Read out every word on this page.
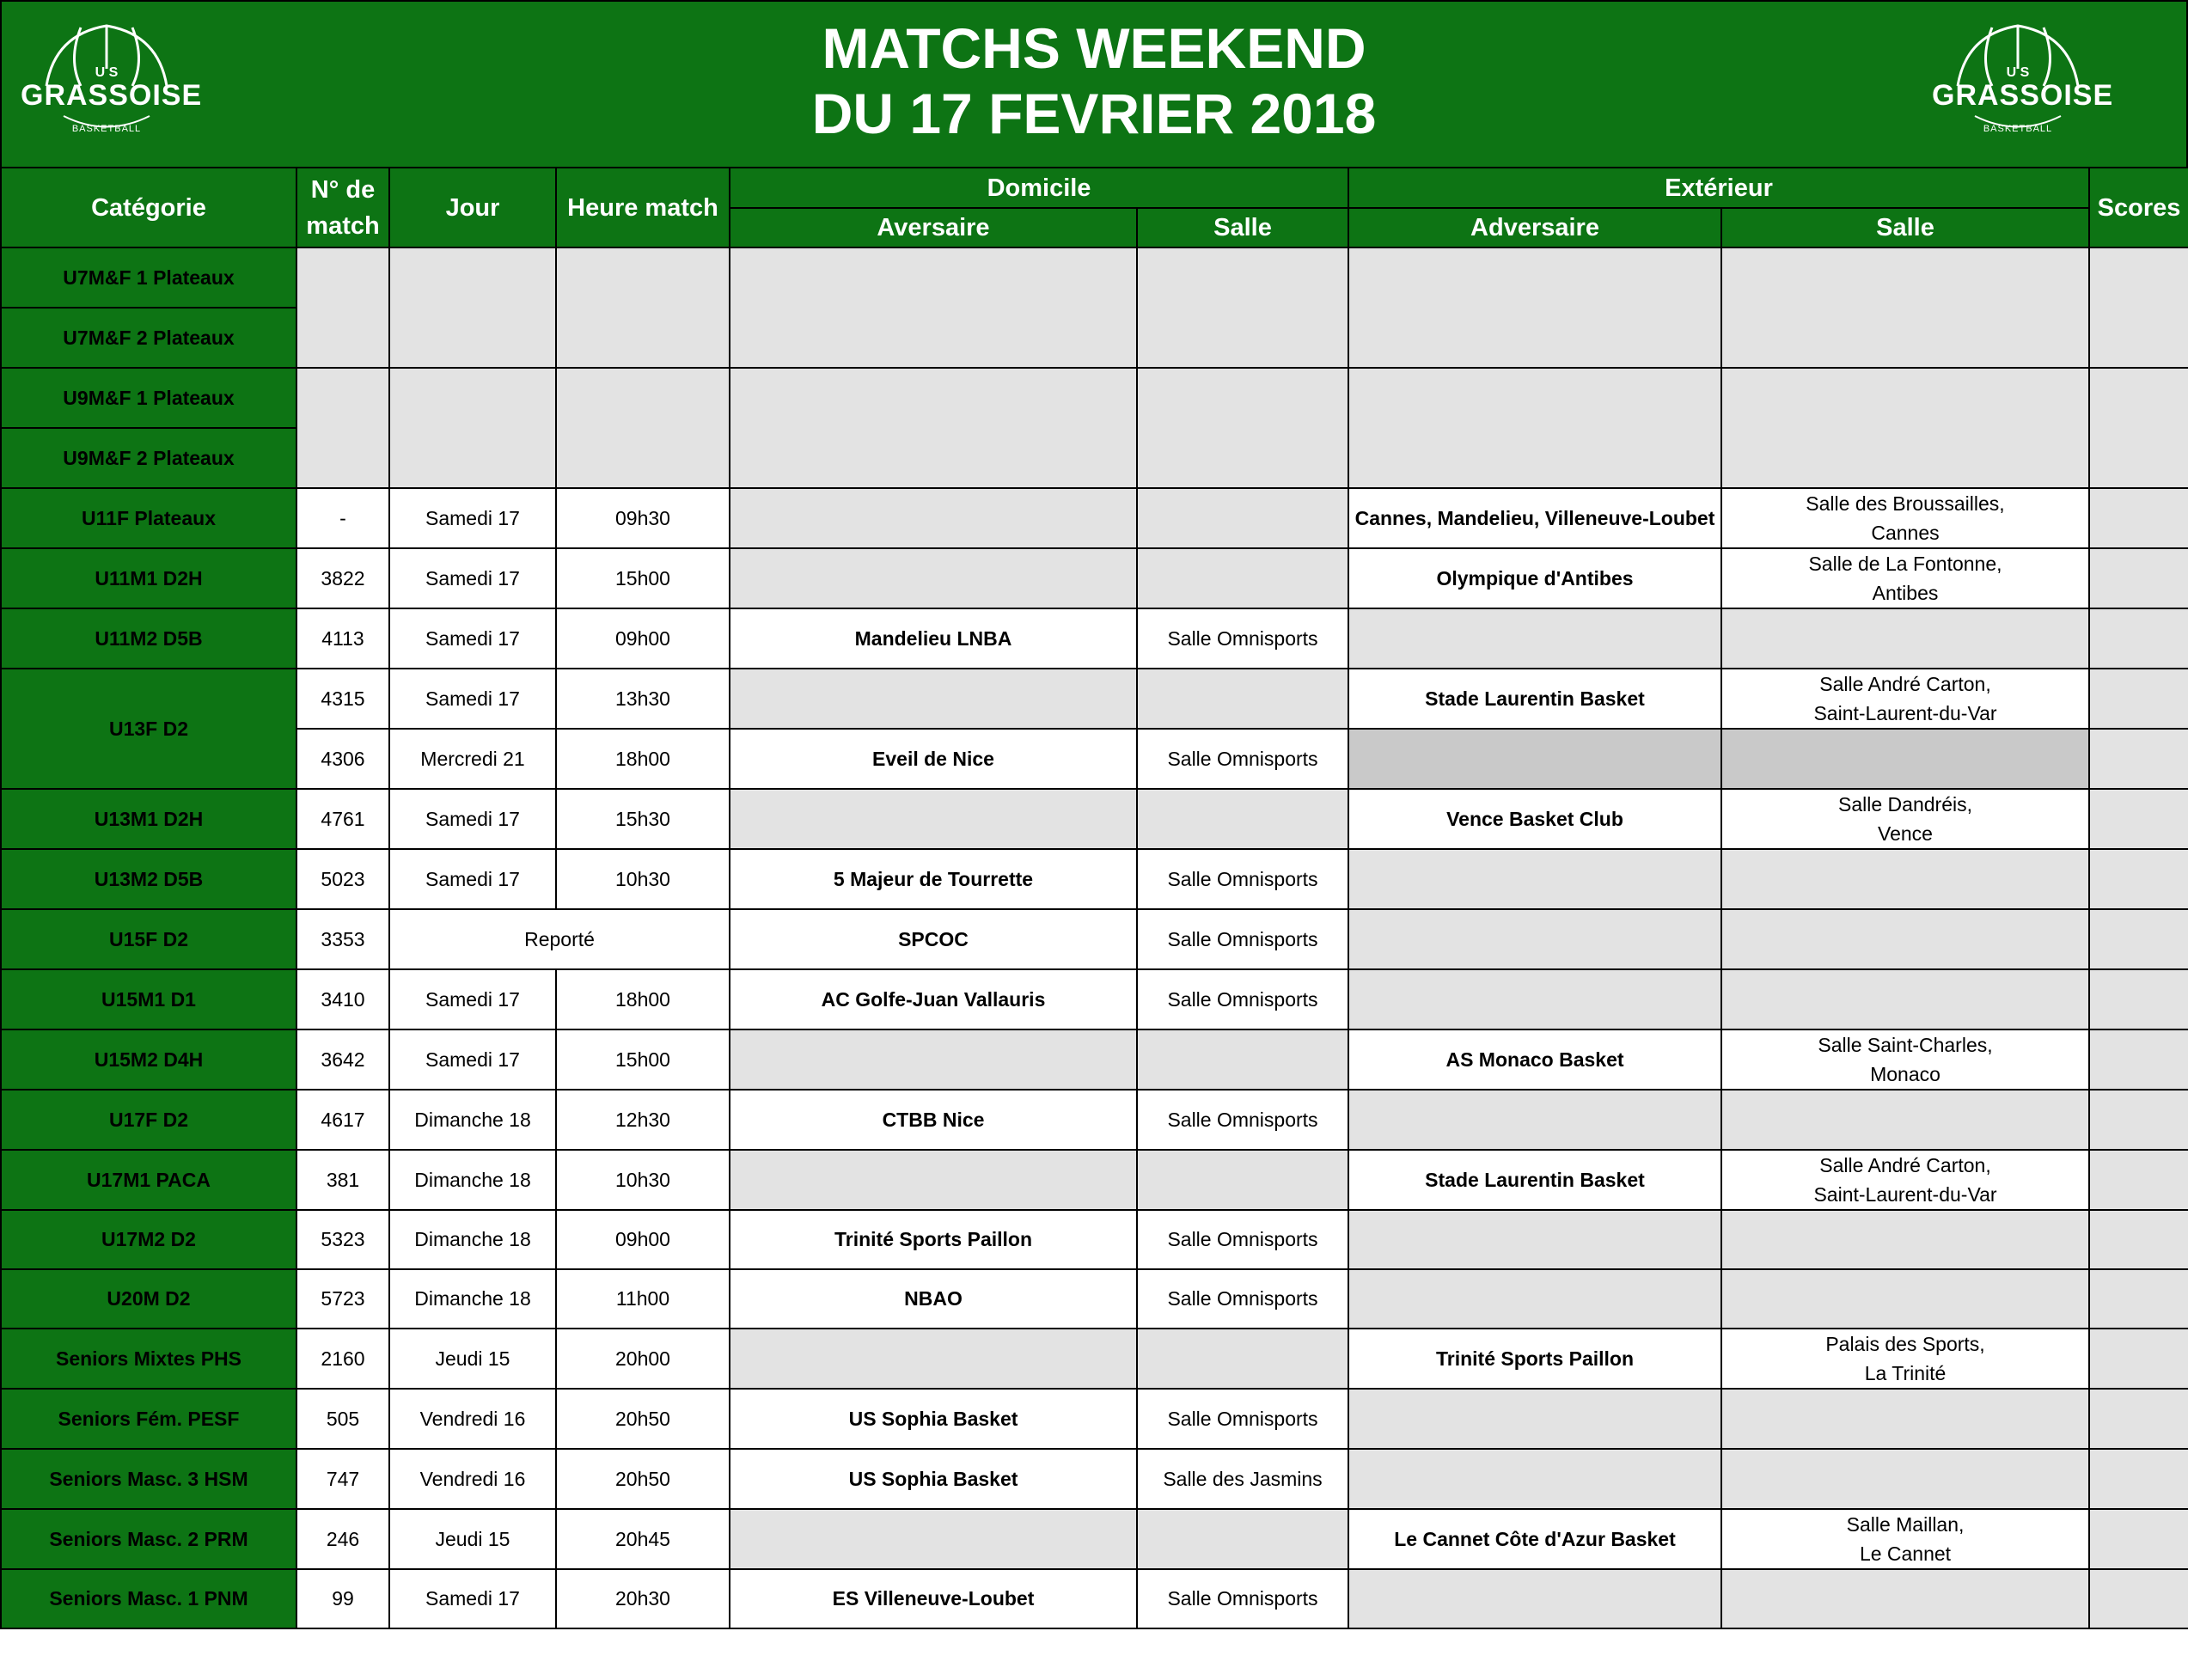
U S
GRASSOISE
BASKETBALL
MATCHS WEEKEND
DU 17 FEVRIER 2018
U S
GRASSOISE
BASKETBALL
Catégorie	N° de match	Jour	Heure match	Domicile		Extérieur		Scores
				Aversaire	Salle	Adversaire	Salle	
U7M&F 1 Plateaux								
U7M&F 2 Plateaux								
U9M&F 1 Plateaux								
U9M&F 2 Plateaux								
U11F Plateaux	-	Samedi 17	09h30			Cannes, Mandelieu, Villeneuve-Loubet	Salle des Broussailles,
Cannes	

U11M1 D2H	3822	Samedi 17	15h00			Olympique d'Antibes	Salle de La Fontonne,
Antibes	

U11M2 D5B	4113	Samedi 17	09h00	Mandelieu LNBA	Salle Omnisports			
U13F D2	4315	Samedi 17	13h30			Stade Laurentin Basket	Salle André Carton,
Saint-Laurent-du-Var	

	4306	Mercredi 21	18h00	Eveil de Nice	Salle Omnisports			
U13M1 D2H	4761	Samedi 17	15h30			Vence Basket Club	Salle Dandréis,
Vence	

U13M2 D5B	5023	Samedi 17	10h30	5 Majeur de Tourrette	Salle Omnisports			
U15F D2	3353	Reporté		SPCOC	Salle Omnisports			
U15M1 D1	3410	Samedi 17	18h00	AC Golfe-Juan Vallauris	Salle Omnisports			
U15M2 D4H	3642	Samedi 17	15h00			AS Monaco Basket	Salle Saint-Charles,
Monaco	

U17F D2	4617	Dimanche 18	12h30	CTBB Nice	Salle Omnisports			
U17M1 PACA	381	Dimanche 18	10h30			Stade Laurentin Basket	Salle André Carton,
Saint-Laurent-du-Var	

U17M2 D2	5323	Dimanche 18	09h00	Trinité Sports Paillon	Salle Omnisports			
U20M D2	5723	Dimanche 18	11h00	NBAO	Salle Omnisports			
Seniors Mixtes PHS	2160	Jeudi 15	20h00			Trinité Sports Paillon	Palais des Sports,
La Trinité	

Seniors Fém. PESF	505	Vendredi 16	20h50	US Sophia Basket	Salle Omnisports			
Seniors Masc. 3 HSM	747	Vendredi 16	20h50	US Sophia Basket	Salle des Jasmins			
Seniors Masc. 2 PRM	246	Jeudi 15	20h45			Le Cannet Côte d'Azur Basket	Salle Maillan,
Le Cannet	

Seniors Masc. 1 PNM	99	Samedi 17	20h30	ES Villeneuve-Loubet	Salle Omnisports			
